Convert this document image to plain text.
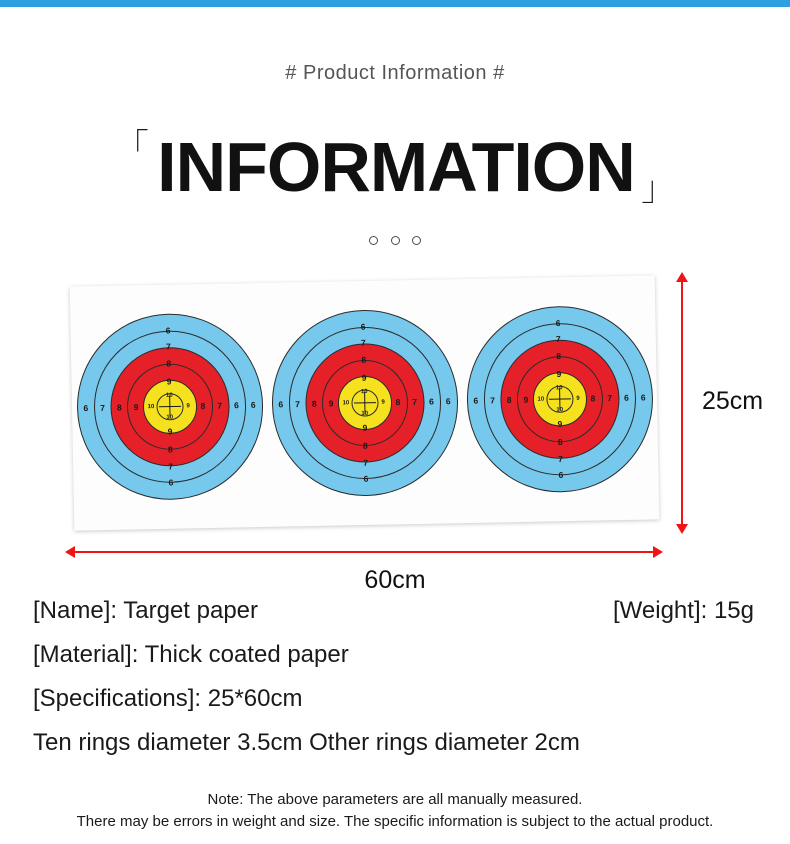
# Product Information #
「 INFORMATION 」

6
7
8
9
10
10
9
8
7
6
6 7 8 9 10	9 8 7 6 6
6
7
8
9
10
10
9
8
7
6
6 7 8 9 10	9 8 7 6 6
6
7
8
9
10
10
9
8
7
6
6 7 8 9 10	9 8 7 6 6 25cm
60cm
[Name]: Target paper	[Weight]: 15g
[Material]: Thick coated paper
[Specifications]: 25*60cm
Ten rings diameter 3.5cm Other rings diameter 2cm
Note: The above parameters are all manually measured.
There may be errors in weight and size. The specific information is subject to the actual product.
